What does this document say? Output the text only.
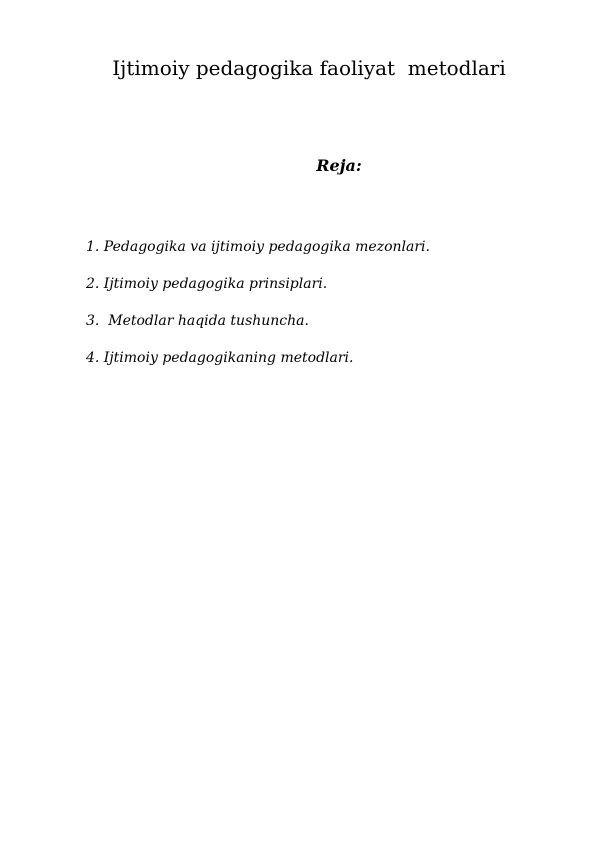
Ijtimoiy pedagogika faoliyat  metodlari
Reja:
1. Pedagogika va ijtimoiy pedagogika mezonlari.
2. Ijtimoiy pedagogika prinsiplari.
3.  Metodlar haqida tushuncha.
4. Ijtimoiy pedagogikaning metodlari.
